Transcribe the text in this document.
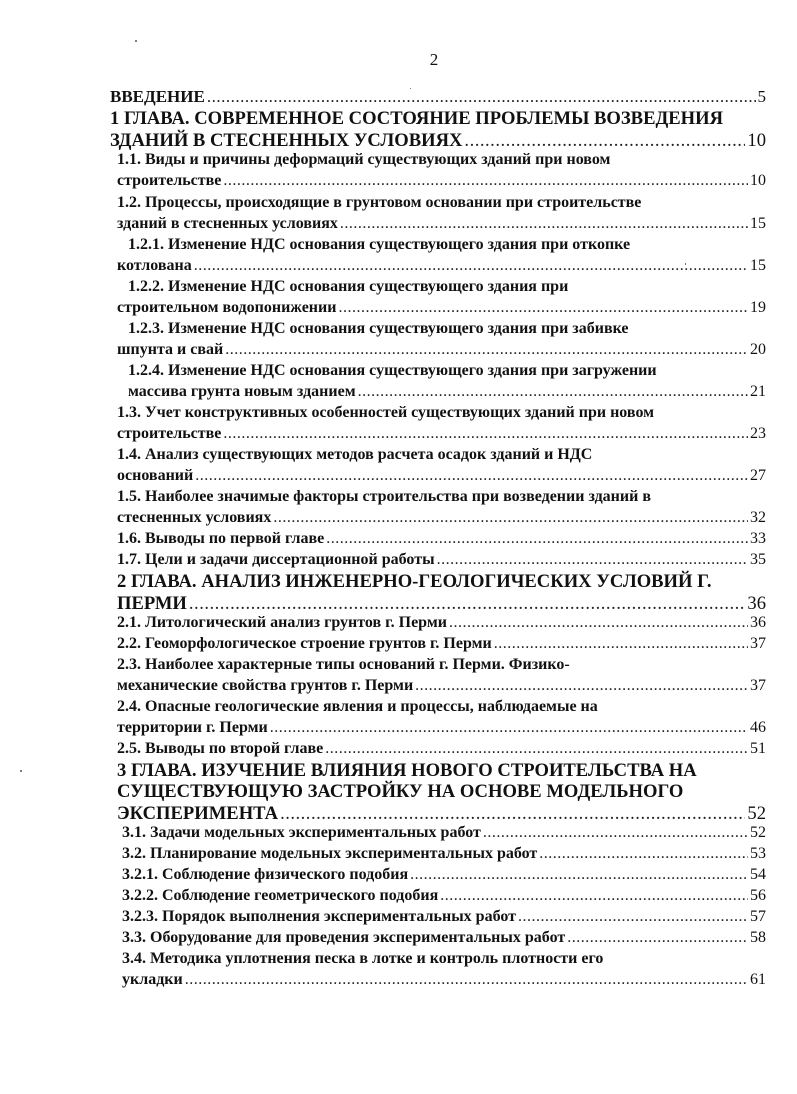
2
ВВЕДЕНИЕ .....	5
1 ГЛАВА. СОВРЕМЕННОЕ СОСТОЯНИЕ ПРОБЛЕМЫ ВОЗВЕДЕНИЯ
ЗДАНИЙ В СТЕСНЕННЫХ УСЛОВИЯХ .....	10
1.1. Виды и причины деформаций существующих зданий при новом
строительстве .....	10
1.2. Процессы, происходящие в грунтовом основании при строительстве
зданий в стесненных условиях .....	15
1.2.1. Изменение НДС основания существующего здания при откопке
котлована .....	15
1.2.2. Изменение НДС основания существующего здания при
строительном водопонижении .....	19
1.2.3. Изменение НДС основания существующего здания при забивке
шпунта и свай .....	20
1.2.4. Изменение НДС основания существующего здания при загружении
массива грунта новым зданием .....	21
1.3. Учет конструктивных особенностей существующих зданий при новом
строительстве .....	23
1.4. Анализ существующих методов расчета осадок зданий и НДС
оснований .....	27
1.5. Наиболее значимые факторы строительства при возведении зданий в
стесненных условиях .....	32
1.6. Выводы по первой главе .....	33
1.7. Цели и задачи диссертационной работы .....	35
2 ГЛАВА. АНАЛИЗ ИНЖЕНЕРНО-ГЕОЛОГИЧЕСКИХ УСЛОВИЙ Г.
ПЕРМИ .....	36
2.1. Литологический анализ грунтов г. Перми .....	36
2.2. Геоморфологическое строение грунтов г. Перми .....	37
2.3. Наиболее характерные типы оснований г. Перми. Физико-
механические свойства грунтов г. Перми .....	37
2.4. Опасные геологические явления и процессы, наблюдаемые на
территории г. Перми .....	46
2.5. Выводы по второй главе .....	51
3 ГЛАВА. ИЗУЧЕНИЕ ВЛИЯНИЯ НОВОГО СТРОИТЕЛЬСТВА НА
СУЩЕСТВУЮЩУЮ ЗАСТРОЙКУ НА ОСНОВЕ МОДЕЛЬНОГО
ЭКСПЕРИМЕНТА .....	52
3.1. Задачи модельных экспериментальных работ .....	52
3.2. Планирование модельных экспериментальных работ .....	53
3.2.1. Соблюдение физического подобия .....	54
3.2.2. Соблюдение геометрического подобия .....	56
3.2.3. Порядок выполнения экспериментальных работ .....	57
3.3. Оборудование для проведения экспериментальных работ .....	58
3.4. Методика уплотнения песка в лотке и контроль плотности его
укладки .....	61
